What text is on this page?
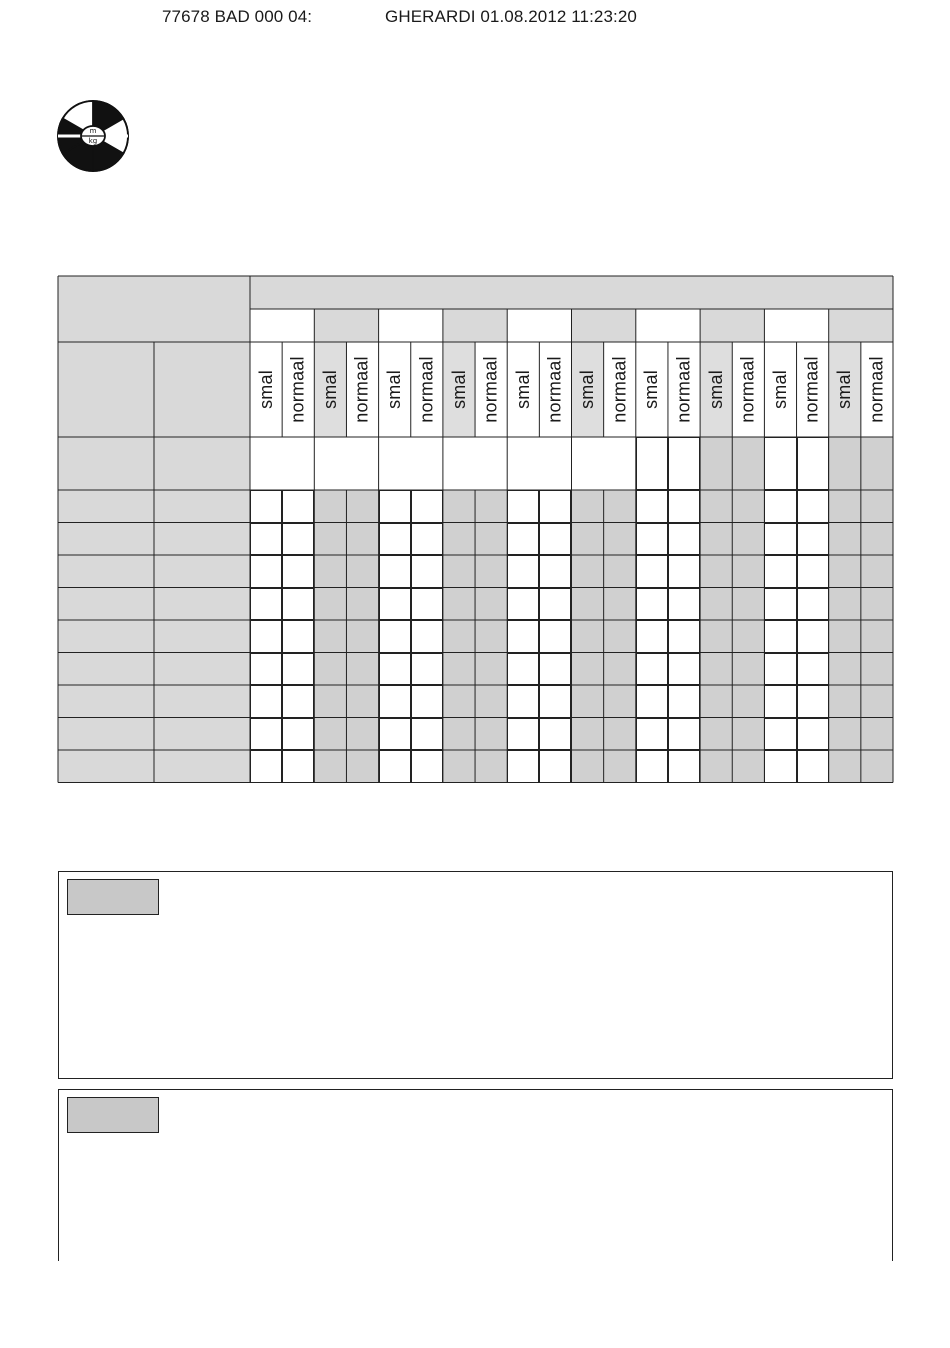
77678 BAD 000 04:	GHERARDI 01.08.2012 11:23:20
m
kg
smal normaal smal normaal smal normaal smal normaal smal normaal smal normaal smal normaal smal normaal smal normaal smal normaal
